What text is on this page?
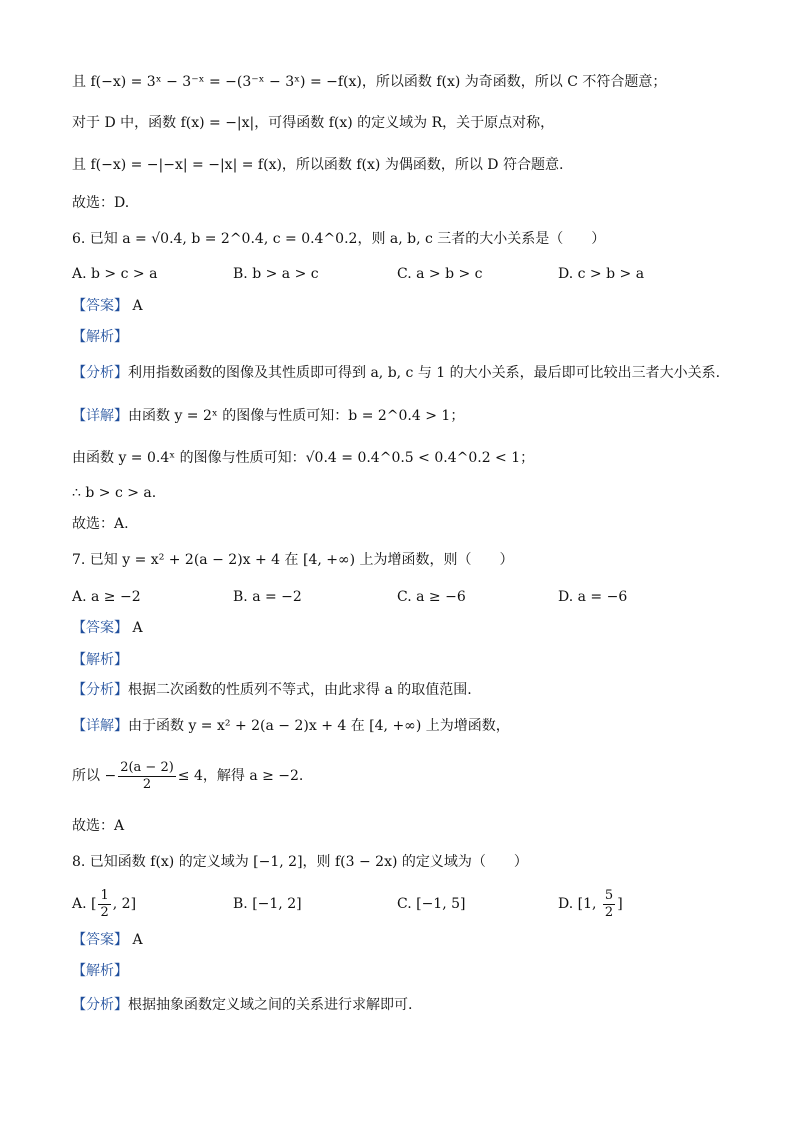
且 f(−x) = 3ˣ − 3⁻ˣ = −(3⁻ˣ − 3ˣ) = −f(x)，所以函数 f(x) 为奇函数，所以 C 不符合题意；
对于 D 中，函数 f(x) = −|x|，可得函数 f(x) 的定义域为 R，关于原点对称，
且 f(−x) = −|−x| = −|x| = f(x)，所以函数 f(x) 为偶函数，所以 D 符合题意.
故选：D.
6. 已知 a = √0.4, b = 2^0.4, c = 0.4^0.2，则 a, b, c 三者的大小关系是（　　）
A. b > c > a	B. b > a > c	C. a > b > c	D. c > b > a
【答案】 A
【解析】
【分析】利用指数函数的图像及其性质即可得到 a, b, c 与 1 的大小关系，最后即可比较出三者大小关系.
【详解】由函数 y = 2ˣ 的图像与性质可知：b = 2^0.4 > 1；
由函数 y = 0.4ˣ 的图像与性质可知：√0.4 = 0.4^0.5 < 0.4^0.2 < 1；
∴ b > c > a.
故选：A.
7. 已知 y = x² + 2(a − 2)x + 4 在 [4, +∞) 上为增函数，则（　　）
A. a ≥ −2	B. a = −2	C. a ≥ −6	D. a = −6
【答案】 A
【解析】
【分析】根据二次函数的性质列不等式，由此求得 a 的取值范围.
【详解】由于函数 y = x² + 2(a − 2)x + 4 在 [4, +∞) 上为增函数，
所以 − $\frac{2(a - 2)}{2} \le 4$，解得 a ≥ −2.
故选：A
8. 已知函数 f(x) 的定义域为 [−1, 2]，则 f(3 − 2x) 的定义域为（　　）
A. [ $\frac{1}{2}$ , 2]	B. [−1, 2]	C. [−1, 5]	D. [1, $\frac{5}{2}$ ]
【答案】 A
【解析】
【分析】根据抽象函数定义域之间的关系进行求解即可.
